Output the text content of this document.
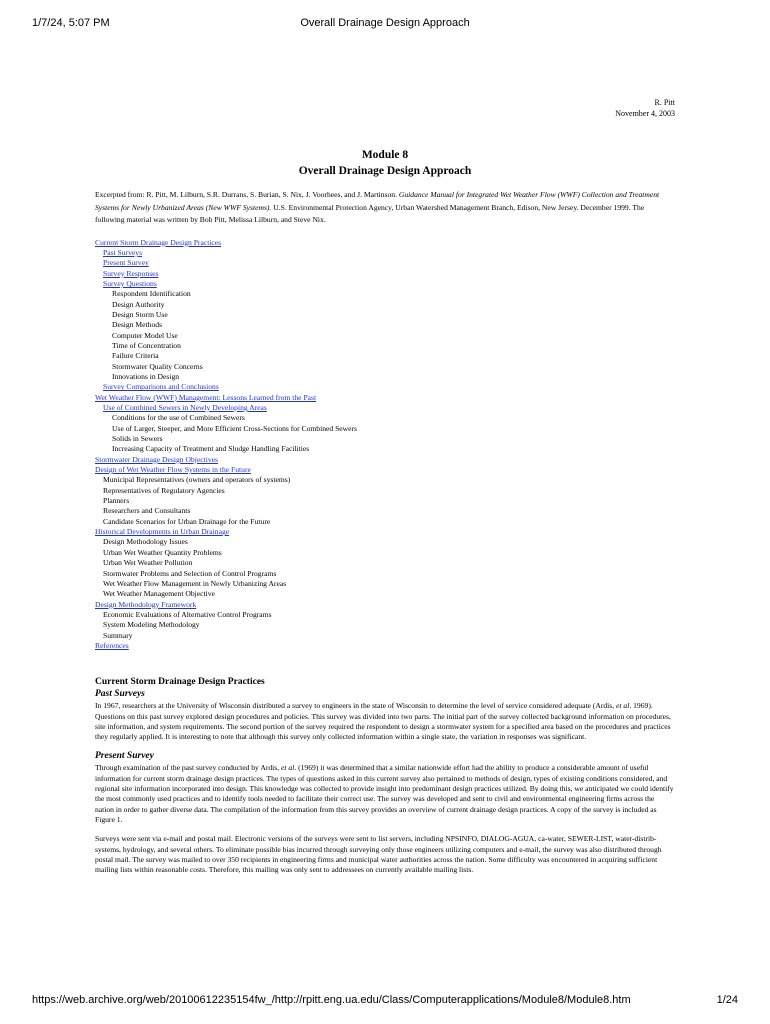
1/7/24, 5:07 PM	Overall Drainage Design Approach
R. Pitt
November 4, 2003
Module 8
Overall Drainage Design Approach
Excerpted from: R. Pitt, M. Lilburn, S.R. Durrans, S. Burian, S. Nix, J. Voorhees, and J. Martinson. Guidance Manual for Integrated Wet Weather Flow (WWF) Collection and Treatment Systems for Newly Urbanized Areas (New WWF Systems). U.S. Environmental Protection Agency, Urban Watershed Management Branch, Edison, New Jersey. December 1999. The following material was written by Bob Pitt, Melissa Lilburn, and Steve Nix.
Current Storm Drainage Design Practices
Past Surveys
Present Survey
Survey Responses
Survey Questions
Respondent Identification
Design Authority
Design Storm Use
Design Methods
Computer Model Use
Time of Concentration
Failure Criteria
Stormwater Quality Concerns
Innovations in Design
Survey Comparisons and Conclusions
Wet Weather Flow (WWF) Management: Lessons Learned from the Past
Use of Combined Sewers in Newly Developing Areas
Conditions for the use of Combined Sewers
Use of Larger, Steeper, and More Efficient Cross-Sections for Combined Sewers
Solids in Sewers
Increasing Capacity of Treatment and Sludge Handling Facilities
Stormwater Drainage Design Objectives
Design of Wet Weather Flow Systems in the Future
Municipal Representatives (owners and operators of systems)
Representatives of Regulatory Agencies
Planners
Researchers and Consultants
Candidate Scenarios for Urban Drainage for the Future
Historical Developments in Urban Drainage
Design Methodology Issues
Urban Wet Weather Quantity Problems
Urban Wet Weather Pollution
Stormwater Problems and Selection of Control Programs
Wet Weather Flow Management in Newly Urbanizing Areas
Wet Weather Management Objective
Design Methodology Framework
Economic Evaluations of Alternative Control Programs
System Modeling Methodology
Summary
References
Current Storm Drainage Design Practices
Past Surveys
In 1967, researchers at the University of Wisconsin distributed a survey to engineers in the state of Wisconsin to determine the level of service considered adequate (Ardis, et al. 1969). Questions on this past survey explored design procedures and policies. This survey was divided into two parts. The initial part of the survey collected background information on procedures, site information, and system requirements. The second portion of the survey required the respondent to design a stormwater system for a specified area based on the procedures and practices they regularly applied. It is interesting to note that although this survey only collected information within a single state, the variation in responses was significant.
Present Survey
Through examination of the past survey conducted by Ardis, et al. (1969) it was determined that a similar nationwide effort had the ability to produce a considerable amount of useful information for current storm drainage design practices. The types of questions asked in this current survey also pertained to methods of design, types of existing conditions considered, and regional site information incorporated into design. This knowledge was collected to provide insight into predominant design practices utilized. By doing this, we anticipated we could identify the most commonly used practices and to identify tools needed to facilitate their correct use. The survey was developed and sent to civil and environmental engineering firms across the nation in order to gather diverse data. The compilation of the information from this survey provides an overview of current drainage design practices. A copy of the survey is included as Figure 1.
Surveys were sent via e-mail and postal mail. Electronic versions of the surveys were sent to list servers, including NPSINFO, DIALOG-AGUA, ca-water, SEWER-LIST, water-distrib-systems, hydrology, and several others. To eliminate possible bias incurred through surveying only those engineers utilizing computers and e-mail, the survey was also distributed through postal mail. The survey was mailed to over 350 recipients in engineering firms and municipal water authorities across the nation. Some difficulty was encountered in acquiring sufficient mailing lists within reasonable costs. Therefore, this mailing was only sent to addressees on currently available mailing lists.
https://web.archive.org/web/20100612235154fw_/http://rpitt.eng.ua.edu/Class/Computerapplications/Module8/Module8.htm	1/24
